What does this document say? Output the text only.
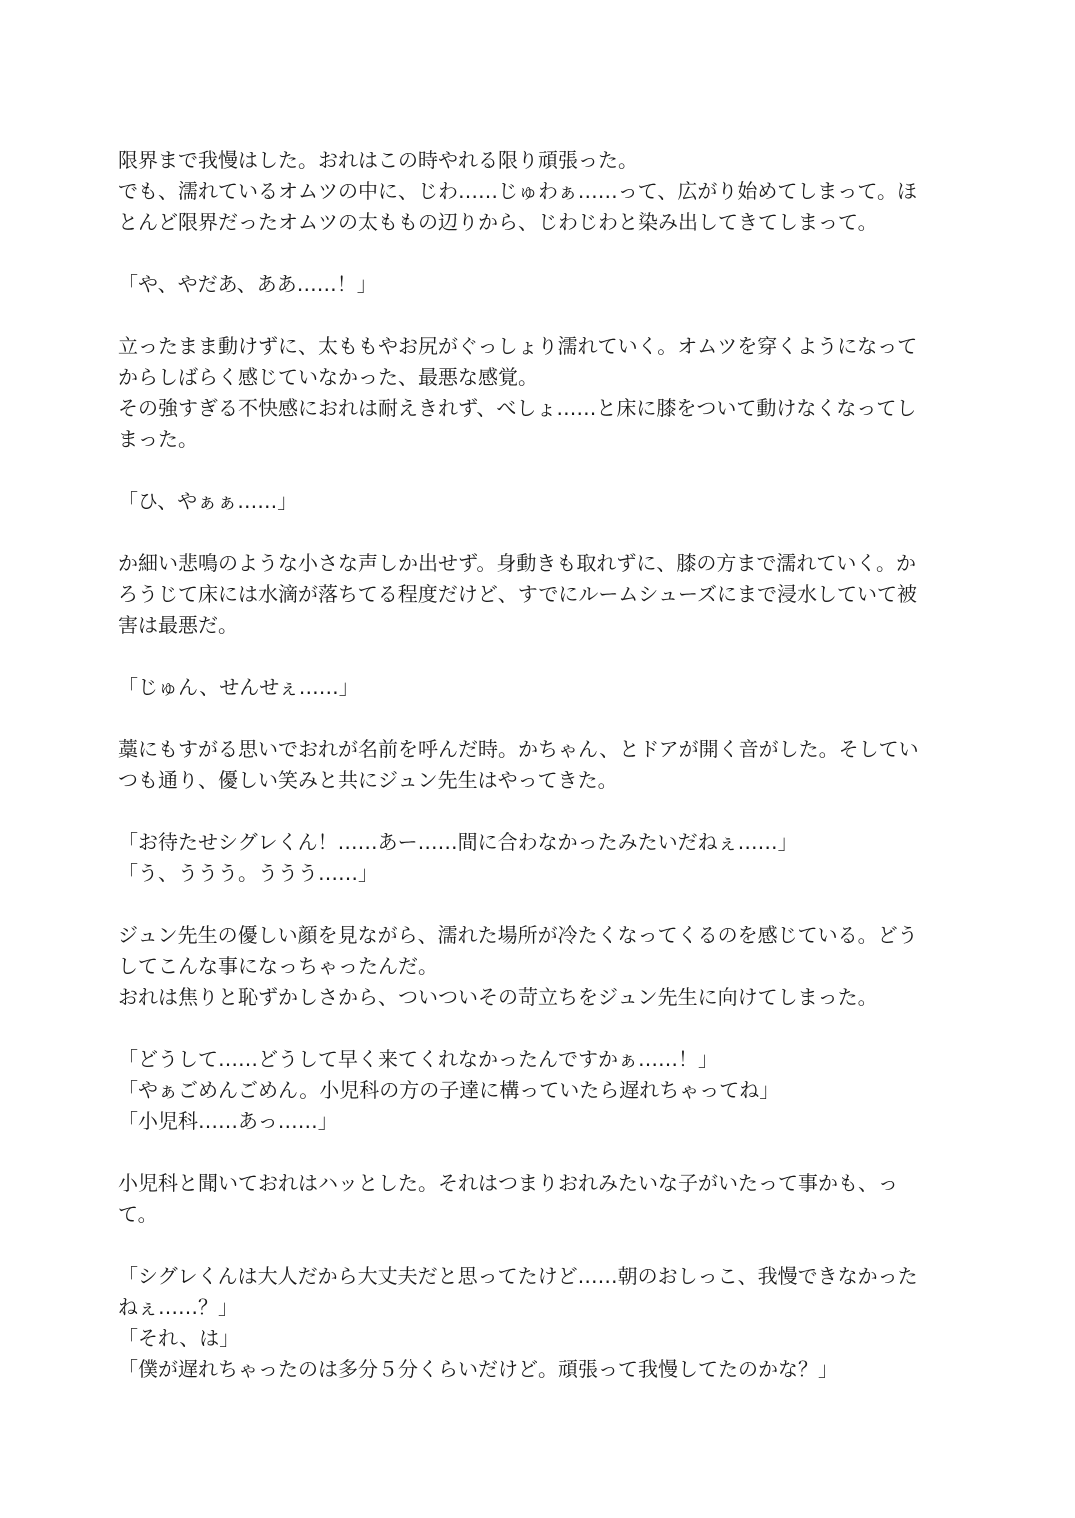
限界まで我慢はした。おれはこの時やれる限り頑張った。
でも、濡れているオムツの中に、じわ……じゅわぁ……って、広がり始めてしまって。ほ
とんど限界だったオムツの太ももの辺りから、じわじわと染み出してきてしまって。
「や、やだあ、ああ……！」
立ったまま動けずに、太ももやお尻がぐっしょり濡れていく。オムツを穿くようになって
からしばらく感じていなかった、最悪な感覚。
その強すぎる不快感におれは耐えきれず、べしょ……と床に膝をついて動けなくなってし
まった。
「ひ、やぁぁ……」
か細い悲鳴のような小さな声しか出せず。身動きも取れずに、膝の方まで濡れていく。か
ろうじて床には水滴が落ちてる程度だけど、すでにルームシューズにまで浸水していて被
害は最悪だ。
「じゅん、せんせぇ……」
藁にもすがる思いでおれが名前を呼んだ時。かちゃん、とドアが開く音がした。そしてい
つも通り、優しい笑みと共にジュン先生はやってきた。
「お待たせシグレくん！……あー……間に合わなかったみたいだねぇ……」
「う、ううう。ううう……」
ジュン先生の優しい顔を見ながら、濡れた場所が冷たくなってくるのを感じている。どう
してこんな事になっちゃったんだ。
おれは焦りと恥ずかしさから、ついついその苛立ちをジュン先生に向けてしまった。
「どうして……どうして早く来てくれなかったんですかぁ……！」
「やぁごめんごめん。小児科の方の子達に構っていたら遅れちゃってね」
「小児科……あっ……」
小児科と聞いておれはハッとした。それはつまりおれみたいな子がいたって事かも、っ
て。
「シグレくんは大人だから大丈夫だと思ってたけど……朝のおしっこ、我慢できなかった
ねぇ……？」
「それ、は」
「僕が遅れちゃったのは多分５分くらいだけど。頑張って我慢してたのかな？」
